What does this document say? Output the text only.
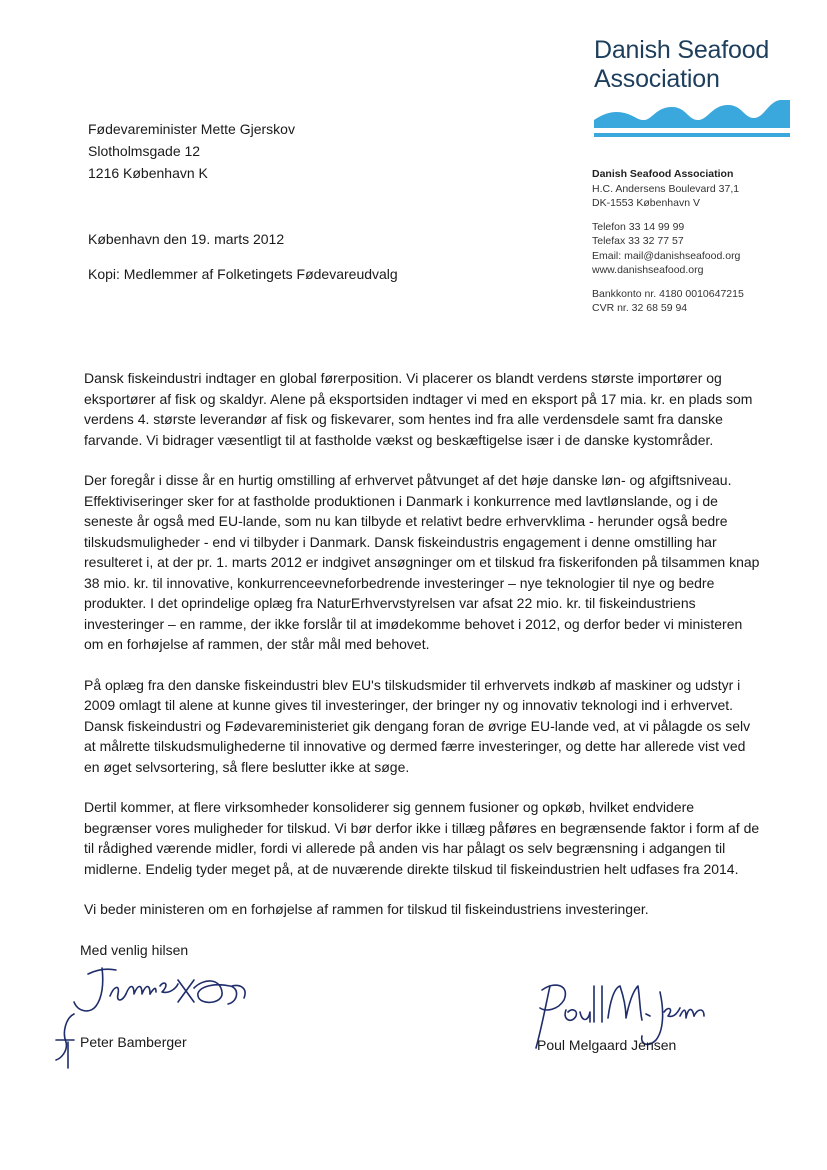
Danish Seafood
Association
Fødevareminister Mette Gjerskov
Slotholmsgade 12
1216 København K	Danish Seafood Association
H.C. Andersens Boulevard 37,1
DK-1553 København V
Telefon 33 14 99 99
Telefax 33 32 77 57
Email: mail@danishseafood.org
www.danishseafood.org
Bankkonto nr. 4180 0010647215
CVR nr. 32 68 59 94
København den 19. marts 2012
Kopi: Medlemmer af Folketingets Fødevareudvalg

Dansk fiskeindustri indtager en global førerposition. Vi placerer os blandt verdens største importører og eksportører af fisk og skaldyr. Alene på eksportsiden indtager vi med en eksport på 17 mia. kr. en plads som verdens 4. største leverandør af fisk og fiskevarer, som hentes ind fra alle verdensdele samt fra danske farvande. Vi bidrager væsentligt til at fastholde vækst og beskæftigelse især i de danske kystområder.

Der foregår i disse år en hurtig omstilling af erhvervet påtvunget af det høje danske løn- og afgiftsniveau. Effektiviseringer sker for at fastholde produktionen i Danmark i konkurrence med lavtlønslande, og i de seneste år også med EU-lande, som nu kan tilbyde et relativt bedre erhvervklima - herunder også bedre tilskudsmuligheder - end vi tilbyder i Danmark. Dansk fiskeindustris engagement i denne omstilling har resulteret i, at der pr. 1. marts 2012 er indgivet ansøgninger om et tilskud fra fiskerifonden på tilsammen knap 38 mio. kr. til innovative, konkurrenceevneforbedrende investeringer – nye teknologier til nye og bedre produkter. I det oprindelige oplæg fra NaturErhvervstyrelsen var afsat 22 mio. kr. til fiskeindustriens investeringer – en ramme, der ikke forslår til at imødekomme behovet i 2012, og derfor beder vi ministeren om en forhøjelse af rammen, der står mål med behovet.

På oplæg fra den danske fiskeindustri blev EU's tilskudsmider til erhvervets indkøb af maskiner og udstyr i 2009 omlagt til alene at kunne gives til investeringer, der bringer ny og innovativ teknologi ind i erhvervet. Dansk fiskeindustri og Fødevareministeriet gik dengang foran de øvrige EU-lande ved, at vi pålagde os selv at målrette tilskudsmulighederne til innovative og dermed færre investeringer, og dette har allerede vist ved en øget selvsortering, så flere beslutter ikke at søge.

Dertil kommer, at flere virksomheder konsoliderer sig gennem fusioner og opkøb, hvilket endvidere begrænser vores muligheder for tilskud. Vi bør derfor ikke i tillæg påføres en begrænsende faktor i form af de til rådighed værende midler, fordi vi allerede på anden vis har pålagt os selv begrænsning i adgangen til midlerne. Endelig tyder meget på, at de nuværende direkte tilskud til fiskeindustrien helt udfases fra 2014.

Vi beder ministeren om en forhøjelse af rammen for tilskud til fiskeindustriens investeringer.

Med venlig hilsen
Peter Bamberger	Poul Melgaard Jensen
